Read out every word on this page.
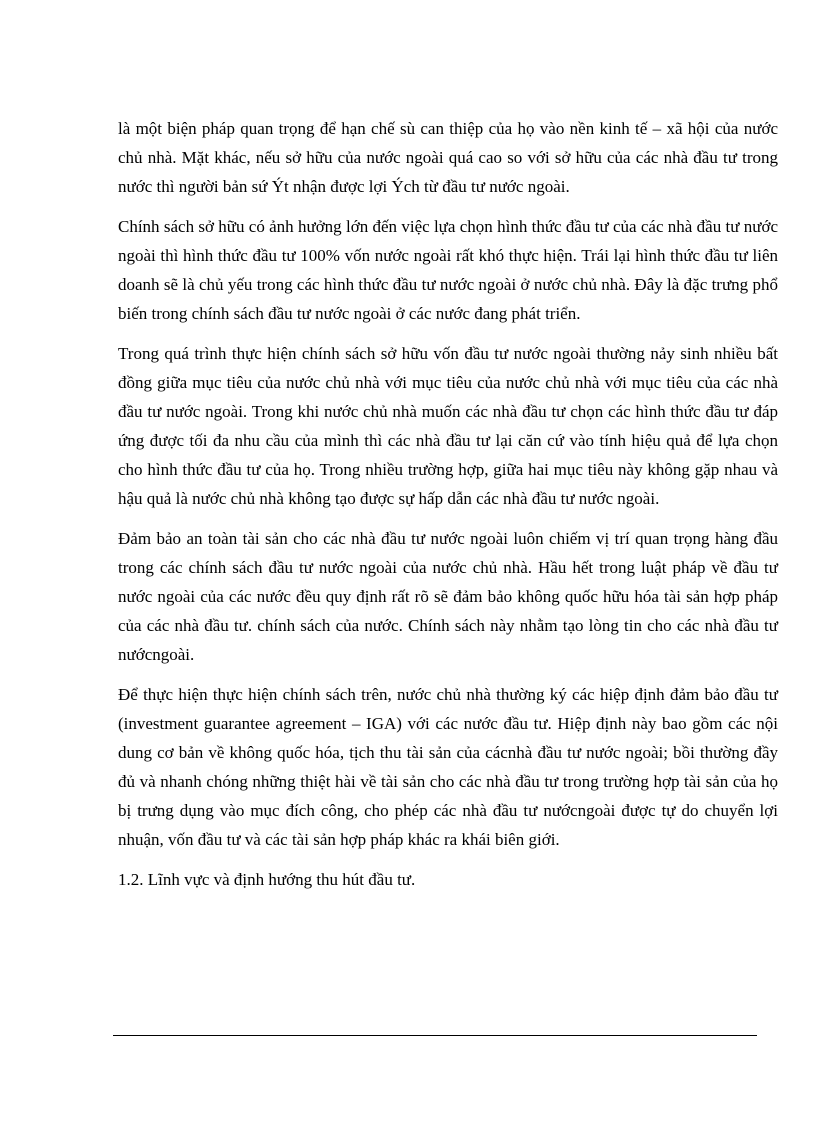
là một biện pháp quan trọng để hạn chế sù can thiệp của họ vào nền kinh tế – xã hội của nước chủ nhà. Mặt khác, nếu sở hữu của nước ngoài quá cao so với sở hữu của các nhà đầu tư trong nước thì người bản sứ Ýt nhận được lợi Ých từ đầu tư nước ngoài.

Chính sách sở hữu có ảnh hưởng lớn đến việc lựa chọn hình thức đầu tư của các nhà đầu tư nước ngoài thì hình thức đầu tư 100% vốn nước ngoài rất khó thực hiện. Trái lại hình thức đầu tư liên doanh sẽ là chủ yếu trong các hình thức đầu tư nước ngoài ở nước chủ nhà. Đây là đặc trưng phổ biến trong chính sách đầu tư nước ngoài ở các nước đang phát triển.

Trong quá trình thực hiện chính sách sở hữu vốn đầu tư nước ngoài thường nảy sinh nhiều bất đồng giữa mục tiêu của nước chủ nhà với mục tiêu của nước chủ nhà với mục tiêu của các nhà đầu tư nước ngoài. Trong khi nước chủ nhà muốn các nhà đầu tư chọn các hình thức đầu tư đáp ứng được tối đa nhu cầu của mình thì các nhà đầu tư lại căn cứ vào tính hiệu quả để lựa chọn cho hình thức đầu tư của họ. Trong nhiều trường hợp, giữa hai mục tiêu này không gặp nhau và hậu quả là nước chủ nhà không tạo được sự hấp dẫn các nhà đầu tư nước ngoài.

Đảm bảo an toàn tài sản cho các nhà đầu tư nước ngoài luôn chiếm vị trí quan trọng hàng đầu trong các chính sách đầu tư nước ngoài của nước chủ nhà. Hầu hết trong luật pháp về đầu tư nước ngoài của các nước đều quy định rất rõ sẽ đảm bảo không quốc hữu hóa tài sản hợp pháp của các nhà đầu tư. chính sách của nước. Chính sách này nhằm tạo lòng tin cho các nhà đầu tư nướcngoài.

Để thực hiện thực hiện chính sách trên, nước chủ nhà thường ký các hiệp định đảm bảo đầu tư (investment guarantee agreement – IGA) với các nước đầu tư. Hiệp định này bao gồm các nội dung cơ bản về không quốc hóa, tịch thu tài sản của cácnhà đầu tư nước ngoài; bồi thường đầy đủ và nhanh chóng những thiệt hài về tài sản cho các nhà đầu tư trong trường hợp tài sản của họ bị trưng dụng vào mục đích công, cho phép các nhà đầu tư nướcngoài được tự do chuyển lợi nhuận, vốn đầu tư và các tài sản hợp pháp khác ra khái biên giới.

1.2. Lĩnh vực và định hướng thu hút đầu tư.
